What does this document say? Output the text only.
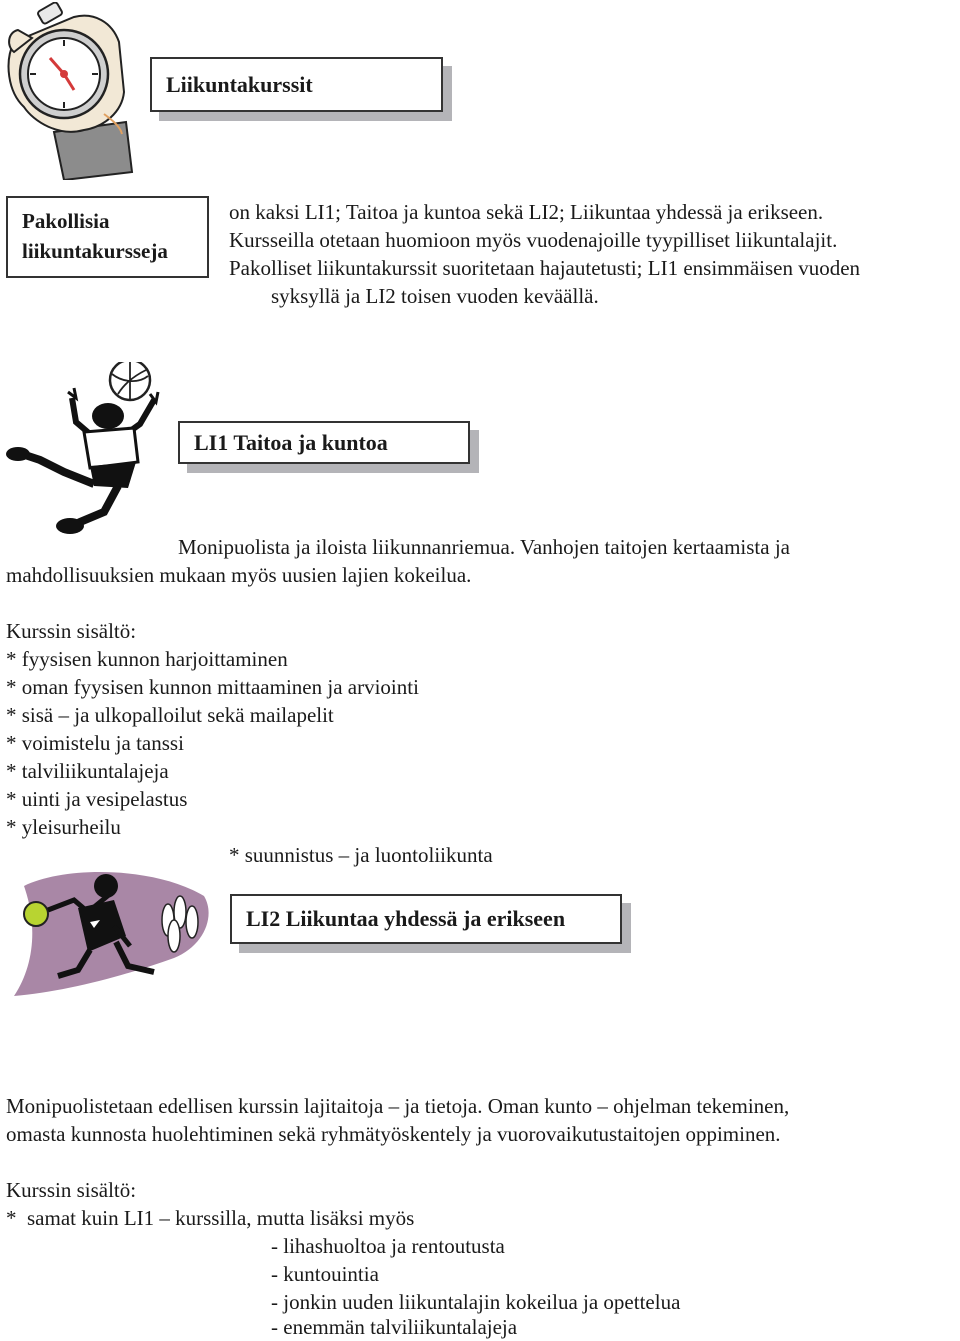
Liikuntakurssit
Pakollisia
liikuntakursseja
on kaksi LI1; Taitoa ja kuntoa sekä LI2; Liikuntaa yhdessä ja erikseen.
Kursseilla otetaan huomioon myös vuodenajoille tyypilliset liikuntalajit.
Pakolliset liikuntakurssit suoritetaan hajautetusti; LI1 ensimmäisen vuoden
syksyllä ja LI2 toisen vuoden keväällä.
LI1 Taitoa ja kuntoa
Monipuolista ja iloista liikunnanriemua. Vanhojen taitojen kertaamista ja
mahdollisuuksien mukaan myös uusien lajien kokeilua.
Kurssin sisältö:
* fyysisen kunnon harjoittaminen
* oman fyysisen kunnon mittaaminen ja arviointi
* sisä – ja ulkopalloilut sekä mailapelit
* voimistelu ja tanssi
* talviliikuntalajeja
* uinti ja vesipelastus
* yleisurheilu
* suunnistus – ja luontoliikunta
LI2 Liikuntaa yhdessä ja erikseen
Monipuolistetaan edellisen kurssin lajitaitoja – ja tietoja. Oman kunto – ohjelman tekeminen,
omasta kunnosta huolehtiminen sekä ryhmätyöskentely ja vuorovaikutustaitojen oppiminen.
Kurssin sisältö:
*  samat kuin LI1 – kurssilla, mutta lisäksi myös
- lihashuoltoa ja rentoutusta
- kuntouintia
- jonkin uuden liikuntalajin kokeilua ja opettelua
- enemmän talviliikuntalajeja
